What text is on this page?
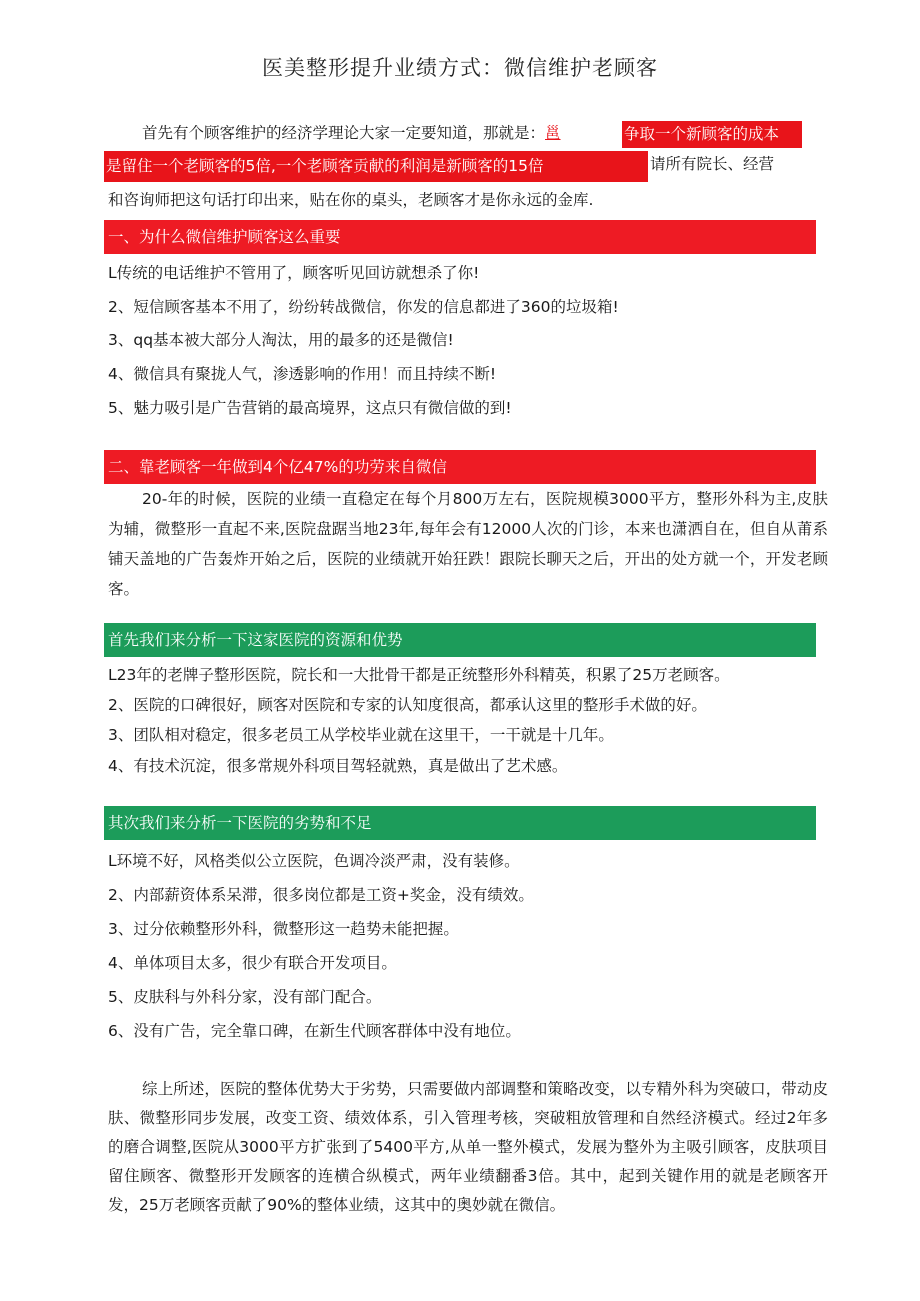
医美整形提升业绩方式：微信维护老顾客
首先有个顾客维护的经济学理论大家一定要知道，那就是：邕	争取一个新顾客的成本
是留住一个老顾客的5倍,一个老顾客贡献的利润是新顾客的15倍	请所有院长、经营
和咨询师把这句话打印出来，贴在你的桌头，老顾客才是你永远的金库.
一、为什么微信维护顾客这么重要
L传统的电话维护不管用了，顾客听见回访就想杀了你!
2、短信顾客基本不用了，纷纷转战微信，你发的信息都进了360的垃圾箱!
3、qq基本被大部分人淘汰，用的最多的还是微信!
4、微信具有聚拢人气，渗透影响的作用！而且持续不断!
5、魅力吸引是广告营销的最高境界，这点只有微信做的到!
二、靠老顾客一年做到4个亿47%的功劳来自微信
20-年的时候，医院的业绩一直稳定在每个月800万左右，医院规模3000平方，整形外科为主,皮肤为辅，微整形一直起不来,医院盘踞当地23年,每年会有12000人次的门诊，本来也潇洒自在，但自从莆系铺天盖地的广告轰炸开始之后，医院的业绩就开始狂跌！跟院长聊天之后，开出的处方就一个，开发老顾客。
首先我们来分析一下这家医院的资源和优势
L23年的老牌子整形医院，院长和一大批骨干都是正统整形外科精英，积累了25万老顾客。
2、医院的口碑很好，顾客对医院和专家的认知度很高，都承认这里的整形手术做的好。
3、团队相对稳定，很多老员工从学校毕业就在这里干，一干就是十几年。
4、有技术沉淀，很多常规外科项目驾轻就熟，真是做出了艺术感。
其次我们来分析一下医院的劣势和不足
L环境不好，风格类似公立医院，色调冷淡严肃，没有装修。
2、内部薪资体系呆滞，很多岗位都是工资+奖金，没有绩效。
3、过分依赖整形外科，微整形这一趋势未能把握。
4、单体项目太多，很少有联合开发项目。
5、皮肤科与外科分家，没有部门配合。
6、没有广告，完全靠口碑，在新生代顾客群体中没有地位。
综上所述，医院的整体优势大于劣势，只需要做内部调整和策略改变，以专精外科为突破口，带动皮肤、微整形同步发展，改变工资、绩效体系，引入管理考核，突破粗放管理和自然经济模式。经过2年多的磨合调整,医院从3000平方扩张到了5400平方,从单一整外模式，发展为整外为主吸引顾客，皮肤项目留住顾客、微整形开发顾客的连横合纵模式，两年业绩翻番3倍。其中，起到关键作用的就是老顾客开发，25万老顾客贡献了90%的整体业绩，这其中的奥妙就在微信。
